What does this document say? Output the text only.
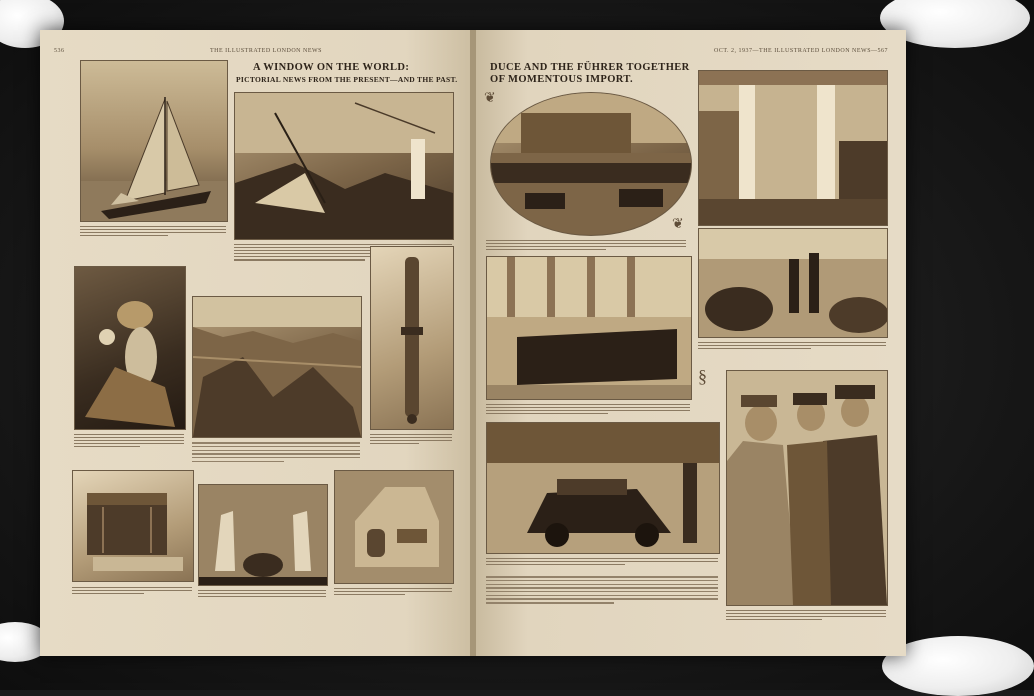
536	THE ILLUSTRATED LONDON NEWS
A WINDOW ON THE WORLD:
PICTORIAL NEWS FROM THE PRESENT—AND THE PAST.
OCT. 2, 1937—THE ILLUSTRATED LONDON NEWS—567
DUCE AND THE FÜHRER TOGETHER
OF MOMENTOUS IMPORT.
❦
❦
§
